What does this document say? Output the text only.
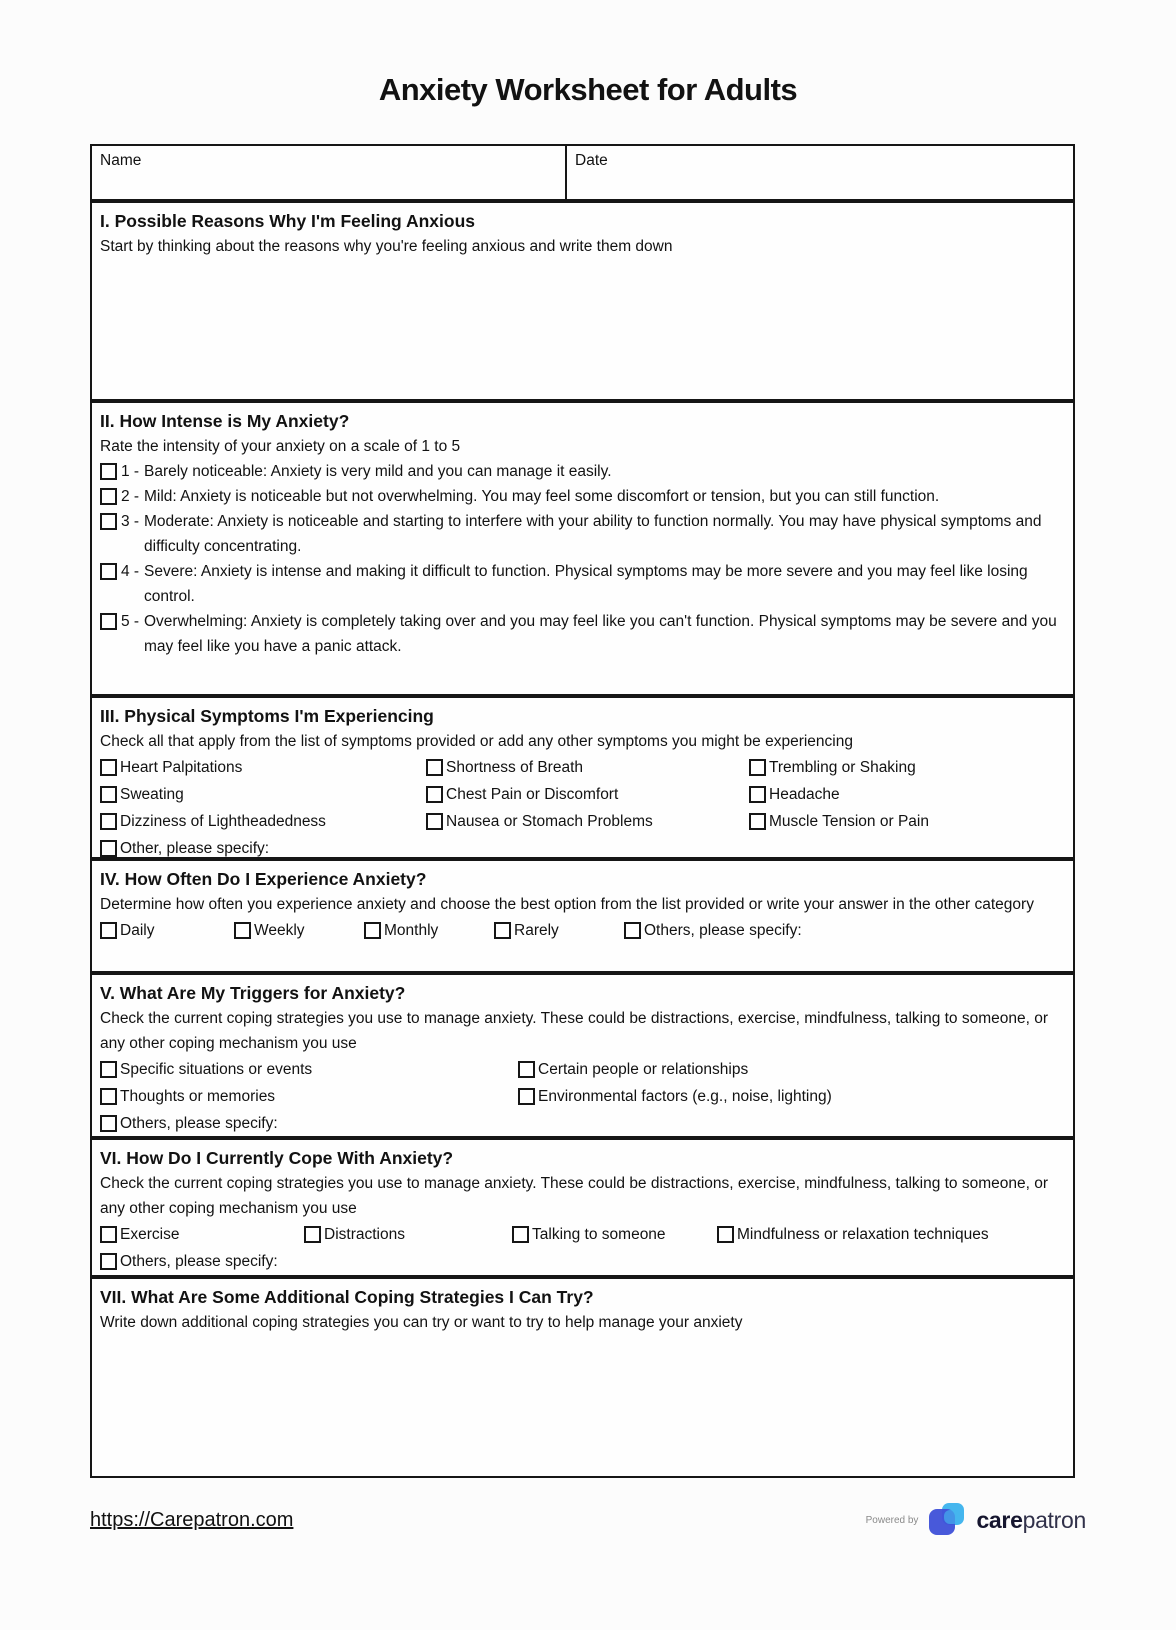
Anxiety Worksheet for Adults
Name	Date
I. Possible Reasons Why I'm Feeling Anxious
Start by thinking about the reasons why you're feeling anxious and write them down
II. How Intense is My Anxiety?
Rate the intensity of your anxiety on a scale of 1 to 5
1 - Barely noticeable: Anxiety is very mild and you can manage it easily.
2 - Mild: Anxiety is noticeable but not overwhelming. You may feel some discomfort or tension, but you can still function.
3 - Moderate: Anxiety is noticeable and starting to interfere with your ability to function normally. You may have physical symptoms and difficulty concentrating.
4 - Severe: Anxiety is intense and making it difficult to function. Physical symptoms may be more severe and you may feel like losing control.
5 - Overwhelming: Anxiety is completely taking over and you may feel like you can't function. Physical symptoms may be severe and you may feel like you have a panic attack.
III. Physical Symptoms I'm Experiencing
Check all that apply from the list of symptoms provided or add any other symptoms you might be experiencing
Heart Palpitations	Shortness of Breath	Trembling or Shaking
Sweating	Chest Pain or Discomfort	Headache
Dizziness of Lightheadedness	Nausea or Stomach Problems	Muscle Tension or Pain
Other, please specify:
IV. How Often Do I Experience Anxiety?
Determine how often you experience anxiety and choose the best option from the list provided or write your answer in the other category
Daily	Weekly	Monthly	Rarely	Others, please specify:
V. What Are My Triggers for Anxiety?
Check the current coping strategies you use to manage anxiety. These could be distractions, exercise, mindfulness, talking to someone, or any other coping mechanism you use
Specific situations or events	Certain people or relationships
Thoughts or memories	Environmental factors (e.g., noise, lighting)
Others, please specify:
VI. How Do I Currently Cope With Anxiety?
Check the current coping strategies you use to manage anxiety. These could be distractions, exercise, mindfulness, talking to someone, or any other coping mechanism you use
Exercise	Distractions	Talking to someone	Mindfulness or relaxation techniques
Others, please specify:
VII. What Are Some Additional Coping Strategies I Can Try?
Write down additional coping strategies you can try or want to try to help manage your anxiety
https://Carepatron.com	Powered by	carepatron
